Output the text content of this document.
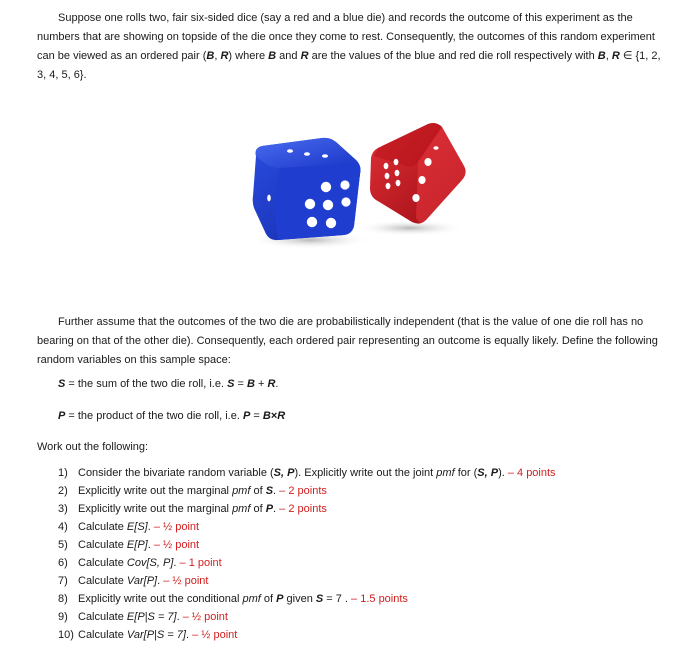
Suppose one rolls two, fair six-sided dice (say a red and a blue die) and records the outcome of this experiment as the numbers that are showing on topside of the die once they come to rest. Consequently, the outcomes of this random experiment can be viewed as an ordered pair (B, R) where B and R are the values of the blue and red die roll respectively with B, R ∈ {1, 2, 3, 4, 5, 6}.

Further assume that the outcomes of the two die are probabilistically independent (that is the value of one die roll has no bearing on that of the other die). Consequently, each ordered pair representing an outcome is equally likely. Define the following random variables on this sample space:

S = the sum of the two die roll, i.e. S = B + R.
P = the product of the two die roll, i.e. P = B×R
Work out the following:
1) Consider the bivariate random variable (S, P). Explicitly write out the joint pmf for (S, P). – 4 points
2) Explicitly write out the marginal pmf of S. – 2 points
3) Explicitly write out the marginal pmf of P. – 2 points
4) Calculate E[S]. – ½ point
5) Calculate E[P]. – ½ point
6) Calculate Cov[S, P]. – 1 point
7) Calculate Var[P]. – ½ point
8) Explicitly write out the conditional pmf of P given S = 7 . – 1.5 points
9) Calculate E[P|S = 7]. – ½ point
10) Calculate Var[P|S = 7]. – ½ point
